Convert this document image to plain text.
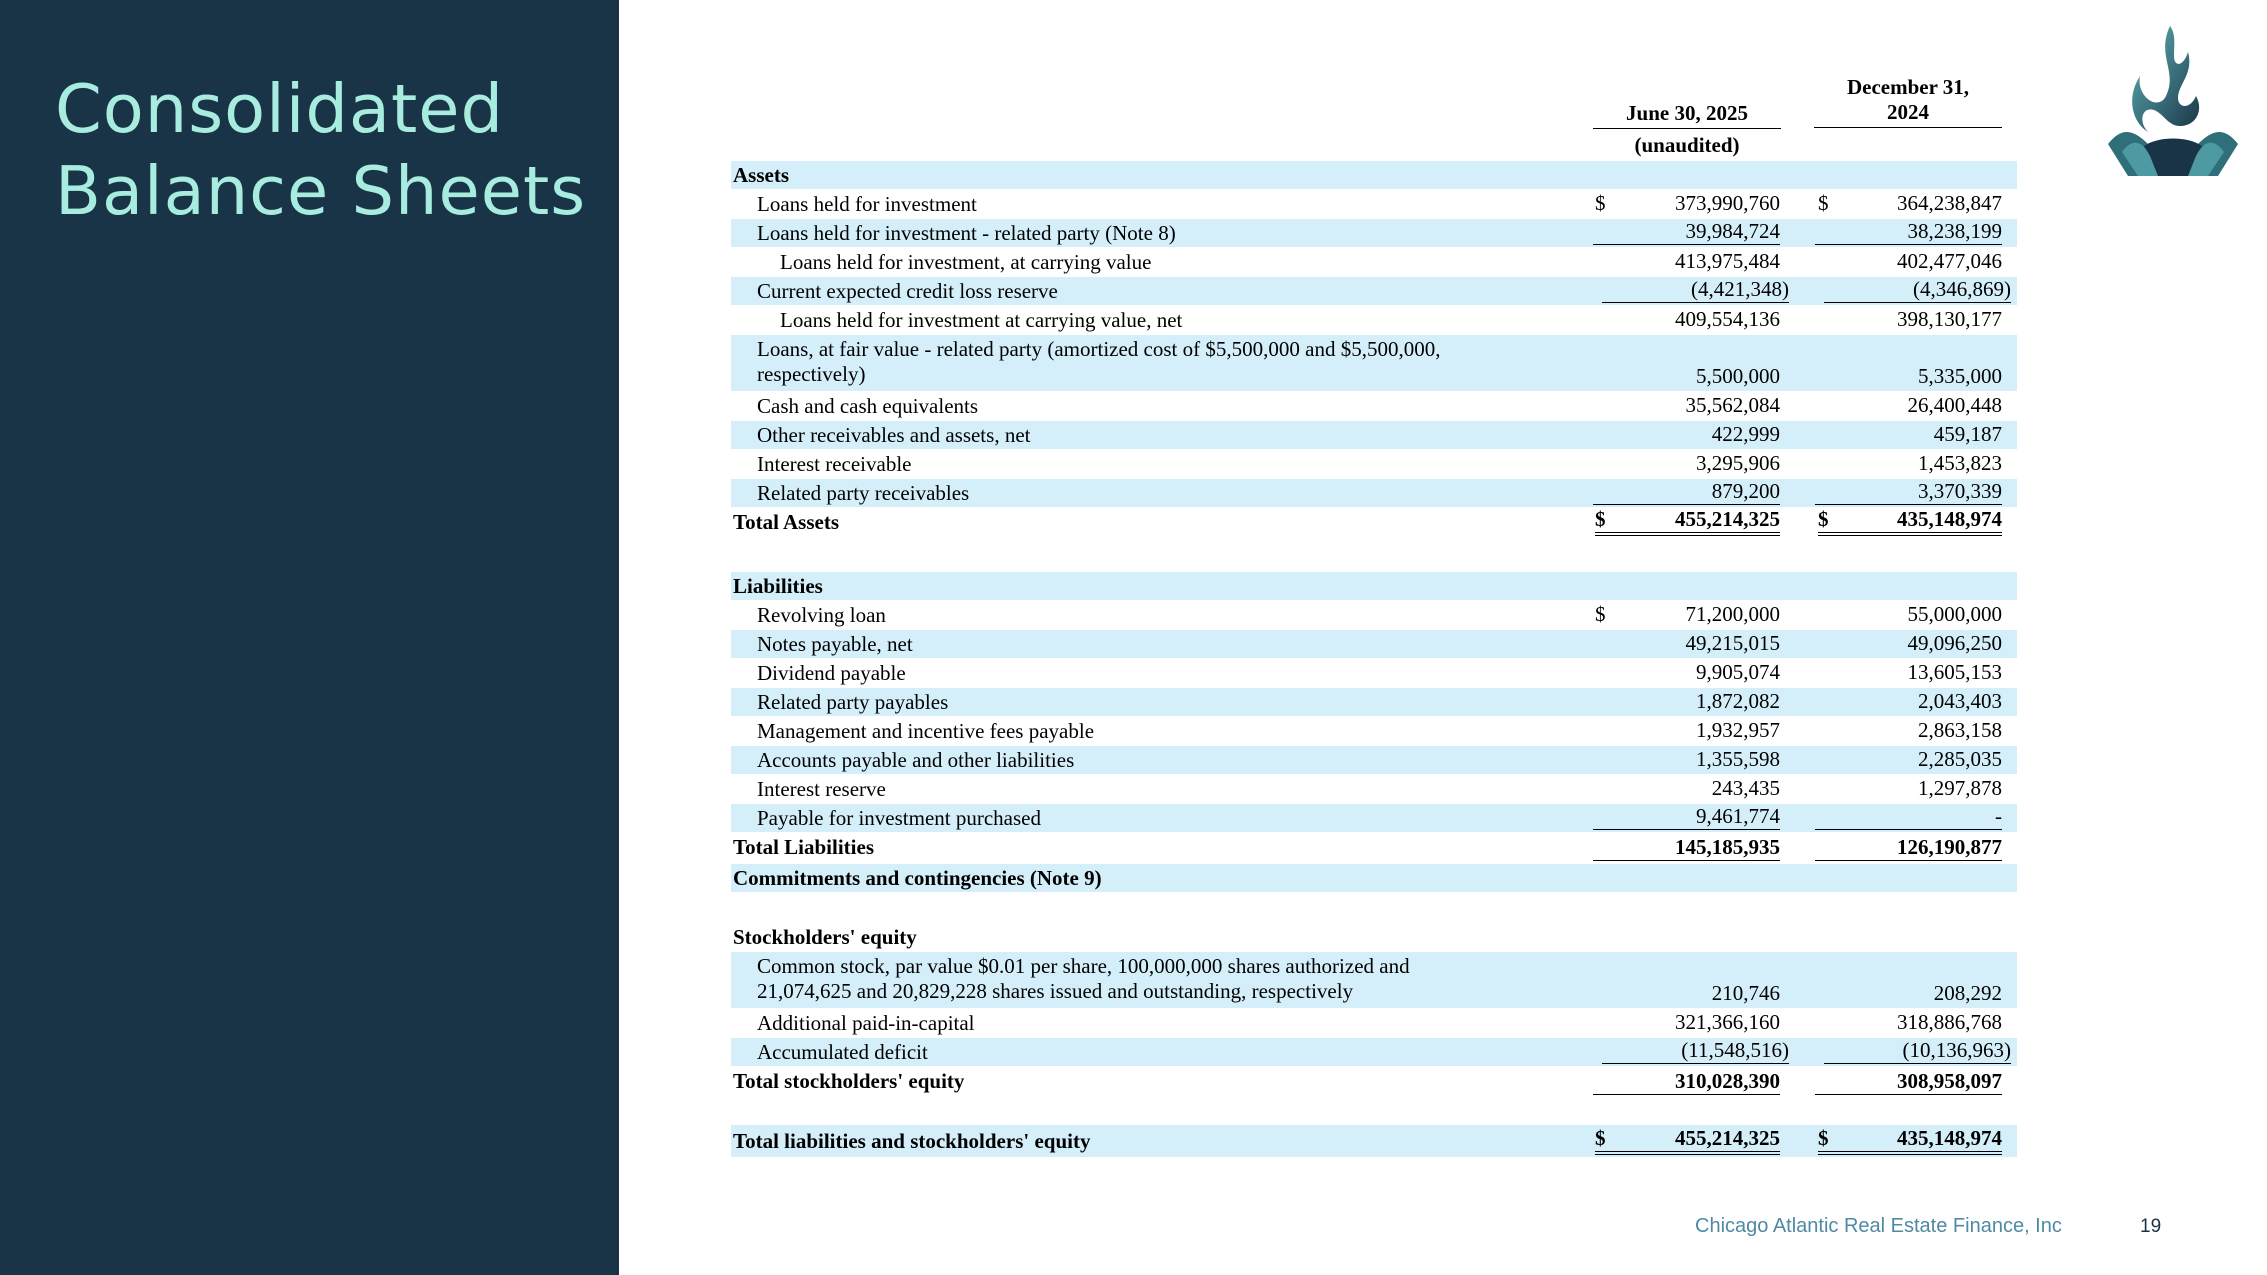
Consolidated
Balance Sheets
June 30, 2025
(unaudited)
December 31,
2024
Assets
Loans held for investment	$	373,990,760 $	364,238,847
Loans held for investment - related party (Note 8)	39,984,724	38,238,199
Loans held for investment, at carrying value	413,975,484	402,477,046
Current expected credit loss reserve	(4,421,348)	(4,346,869)
Loans held for investment at carrying value, net	409,554,136	398,130,177
Loans, at fair value - related party (amortized cost of $5,500,000 and $5,500,000,
respectively)	5,500,000	5,335,000
Cash and cash equivalents	35,562,084	26,400,448
Other receivables and assets, net	422,999	459,187
Interest receivable	3,295,906	1,453,823
Related party receivables	879,200	3,370,339
Total Assets	$	455,214,325 $	435,148,974
Liabilities
Revolving loan	$	71,200,000	55,000,000
Notes payable, net	49,215,015	49,096,250
Dividend payable	9,905,074	13,605,153
Related party payables	1,872,082	2,043,403
Management and incentive fees payable	1,932,957	2,863,158
Accounts payable and other liabilities	1,355,598	2,285,035
Interest reserve	243,435	1,297,878
Payable for investment purchased	9,461,774	-
Total Liabilities	145,185,935	126,190,877
Commitments and contingencies (Note 9)
Stockholders' equity
Common stock, par value $0.01 per share, 100,000,000 shares authorized and
21,074,625 and 20,829,228 shares issued and outstanding, respectively	210,746	208,292
Additional paid-in-capital	321,366,160	318,886,768
Accumulated deficit	(11,548,516)	(10,136,963)
Total stockholders' equity	310,028,390	308,958,097
Total liabilities and stockholders' equity	$	455,214,325 $	435,148,974
Chicago Atlantic Real Estate Finance, Inc	19
